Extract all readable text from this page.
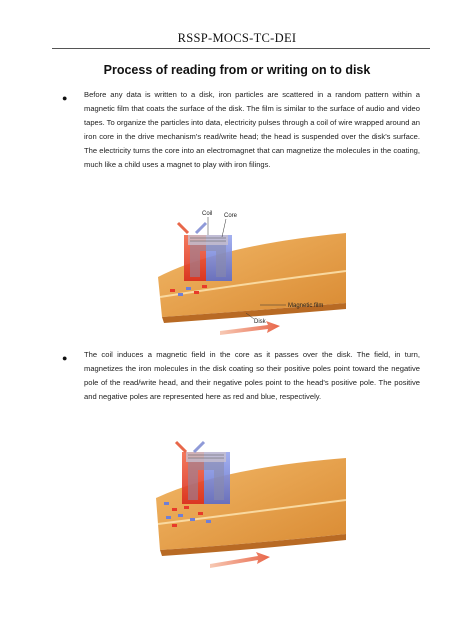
RSSP-MOCS-TC-DEI
Process of reading from or writing on to disk
●	Before any data is written to a disk, iron particles are scattered in a random pattern within a magnetic film that coats the surface of the disk. The film is similar to the surface of audio and video tapes. To organize the particles into data, electricity pulses through a coil of wire wrapped around an iron core in the drive mechanism's read/write head; the head is suspended over the disk's surface. The electricity turns the core into an electromagnet that can magnetize the molecules in the coating, much like a child uses a magnet to play with iron filings.
Coil Core
Magnetic film
Disk
●	The coil induces a magnetic field in the core as it passes over the disk. The field, in turn, magnetizes the iron molecules in the disk coating so their positive poles point toward the negative pole of the read/write head, and their negative poles point to the head's positive pole. The positive and negative poles are represented here as red and blue, respectively.
